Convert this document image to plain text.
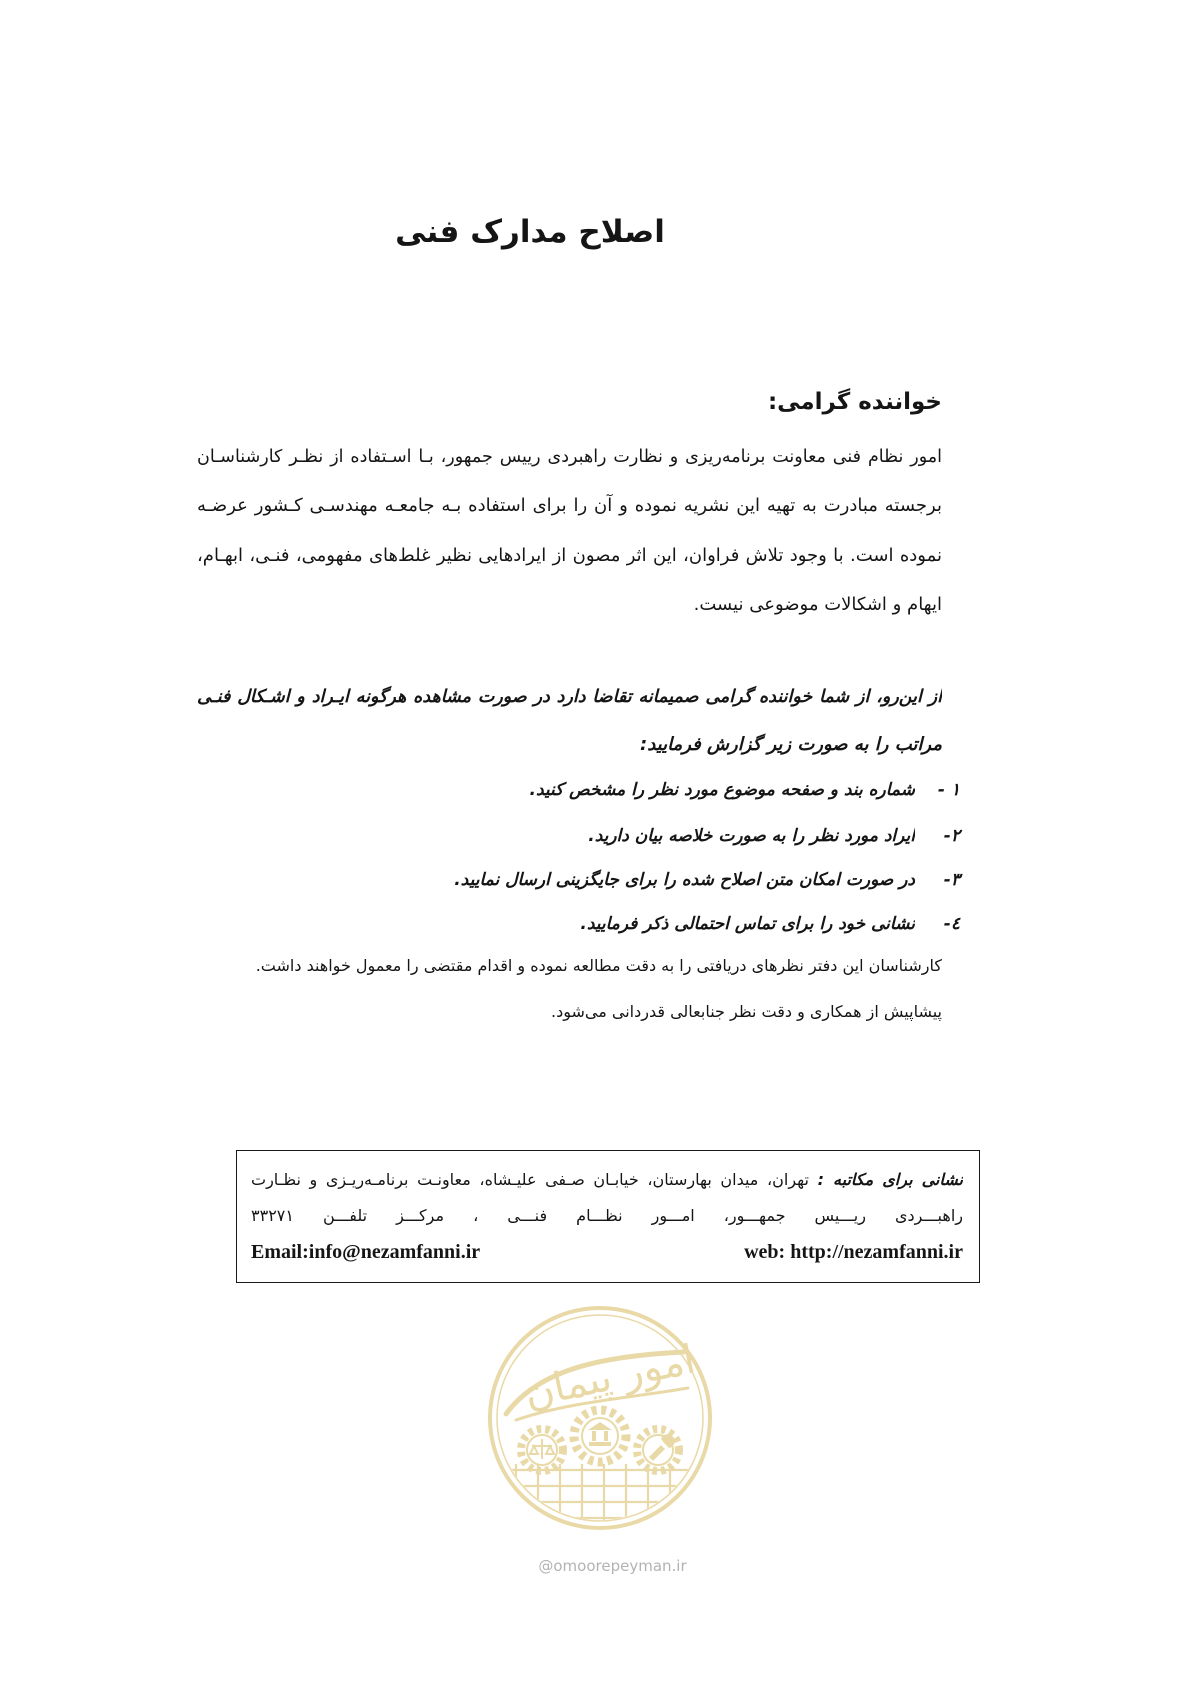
اصلاح مدارک فنی
خواننده گرامی:
امور نظام فنی معاونت برنامه‌ریزی و نظارت راهبردی رییس جمهور، بـا اسـتفاده از نظـر کارشناسـان
برجسته مبادرت به تهیه این نشریه نموده و آن را برای استفاده بـه جامعـه مهندسـی کـشور عرضـه
نموده است. با وجود تلاش فراوان، این اثر مصون از ایرادهایی نظیر غلط‌های مفهومی، فنـی، ابهـام،
ایهام و اشکالات موضوعی نیست.
از این‌رو، از شما خواننده گرامی صمیمانه تقاضا دارد در صورت مشاهده هرگونه ایـراد و اشـکال فنـی
مراتب را به صورت زیر گزارش فرمایید:
۱ -
شماره بند و صفحه موضوع مورد نظر را مشخص کنید.
۲-
ایراد مورد نظر را به صورت خلاصه بیان دارید.
۳-
در صورت امکان متن اصلاح شده را برای جایگزینی ارسال نمایید.
٤-
نشانی خود را برای تماس احتمالی ذکر فرمایید.
کارشناسان این دفتر نظرهای دریافتی را به دقت مطالعه نموده و اقدام مقتضی را معمول خواهند داشت.
پیشاپیش از همکاری و دقت نظر جنابعالی قدردانی می‌شود.
نشانی برای مکاتبه : تهران، میدان بهارستان، خیابـان صـفی علیـشاه، معاونـت برنامـه‌ریـزی و نظـارت
راهبـــردی ریـــیس جمهـــور، امـــور نظـــام فنـــی ، مرکـــز تلفـــن ۳۳۲۷۱
web: http://nezamfanni.ir
Email:info@nezamfanni.ir
امور پیمان
@omoorepeyman.ir
